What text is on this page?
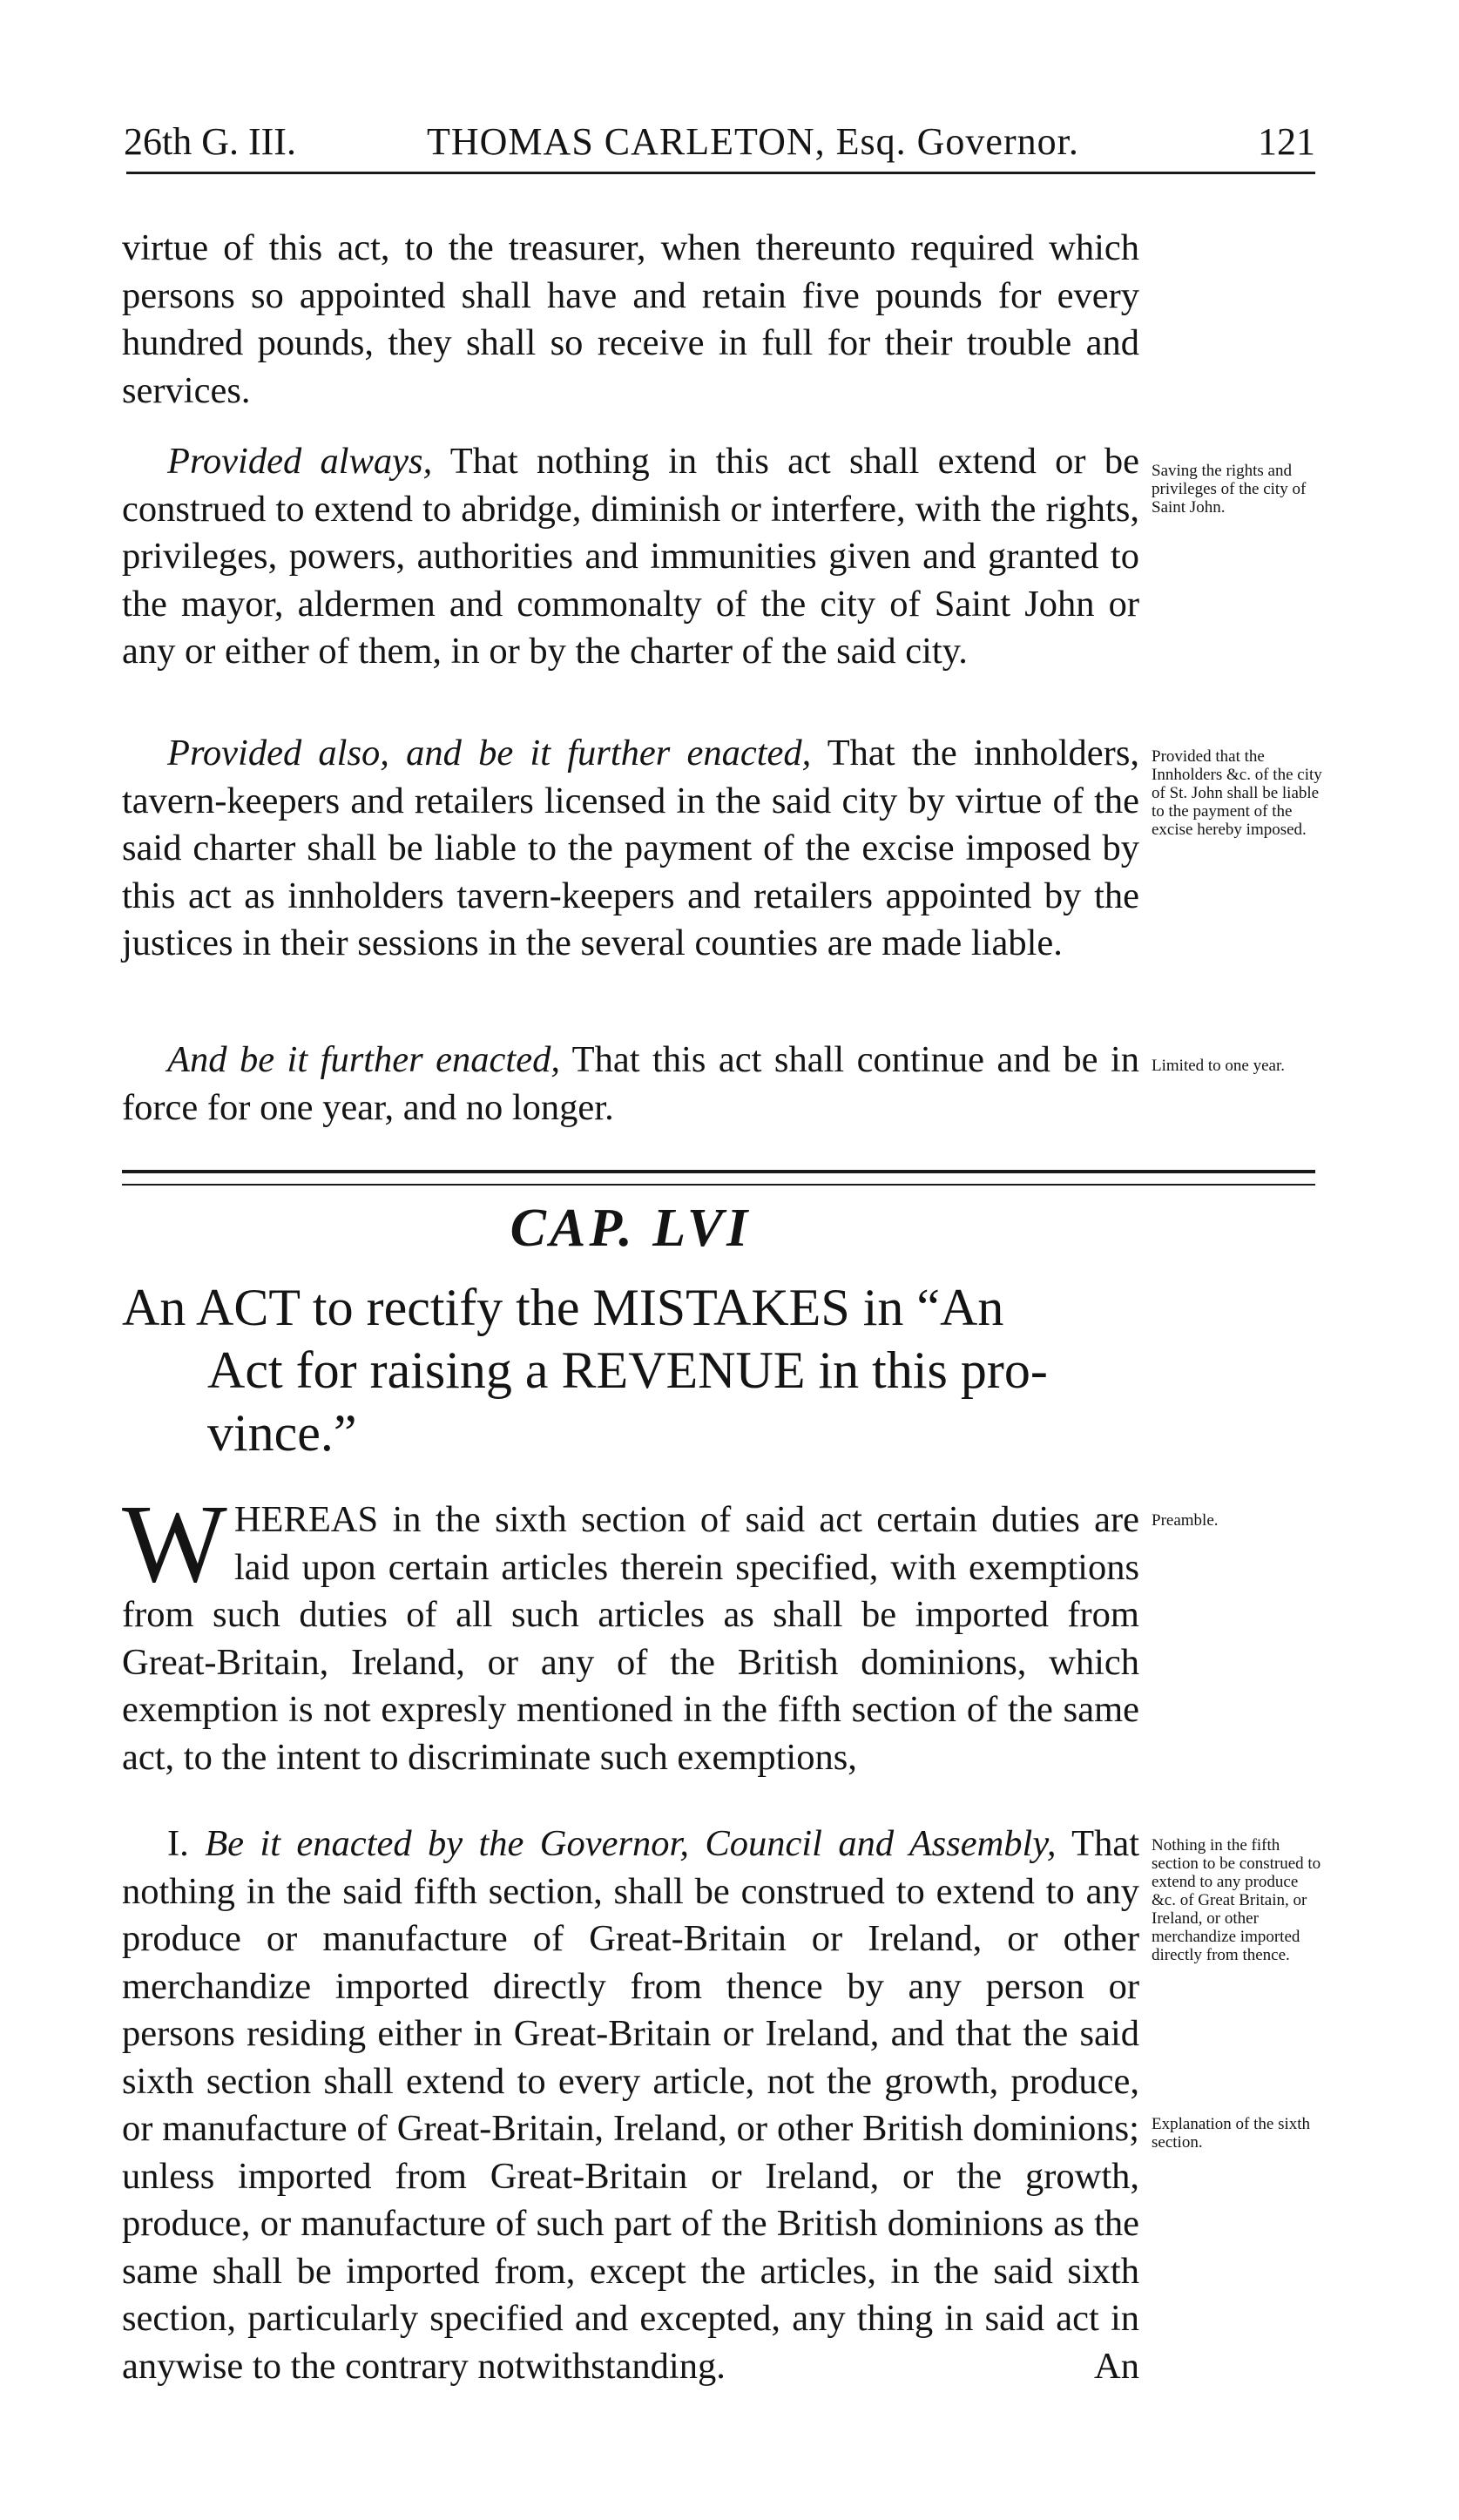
26th G. III.	THOMAS CARLETON, Esq. Governor.	121

virtue of this act, to the treasurer, when thereunto required which persons so appointed shall have and retain five pounds for every hundred pounds, they shall so receive in full for their trouble and services.

Provided always, That nothing in this act shall extend or be construed to extend to abridge, diminish or interfere, with the rights, privileges, powers, authorities and immunities given and granted to the mayor, aldermen and commonalty of the city of Saint John or any or either of them, in or by the charter of the said city.

Saving the rights and privileges of the city of Saint John.

Provided also, and be it further enacted, That the innholders, tavern-keepers and retailers licensed in the said city by virtue of the said charter shall be liable to the payment of the excise imposed by this act as innholders tavern-keepers and retailers appointed by the justices in their sessions in the several counties are made liable.

Provided that the Innholders &c. of the city of St. John shall be liable to the payment of the excise hereby imposed.

And be it further enacted, That this act shall continue and be in force for one year, and no longer.

Limited to one year.
CAP. LVI
An ACT to rectify the MISTAKES in “An
Act for raising a REVENUE in this pro-
vince.”

WHEREAS in the sixth section of said act certain duties are laid upon certain articles therein specified, with exemptions from such duties of all such articles as shall be imported from Great-Britain, Ireland, or any of the British dominions, which exemption is not expresly mentioned in the fifth section of the same act, to the intent to discriminate such exemptions,

Preamble.

I. Be it enacted by the Governor, Council and Assembly, That nothing in the said fifth section, shall be construed to extend to any produce or manufacture of Great-Britain or Ireland, or other merchandize imported directly from thence by any person or persons residing either in Great-Britain or Ireland, and that the said sixth section shall extend to every article, not the growth, produce, or manufacture of Great-Britain, Ireland, or other British dominions; unless imported from Great-Britain or Ireland, or the growth, produce, or manufacture of such part of the British dominions as the same shall be imported from, except the articles, in the said sixth section, particularly specified and excepted, any thing in said act in anywise to the contrary notwithstanding.	An

Nothing in the fifth section to be construed to extend to any produce &c. of Great Britain, or Ireland, or other merchandize imported directly from thence.
Explanation of the sixth section.
